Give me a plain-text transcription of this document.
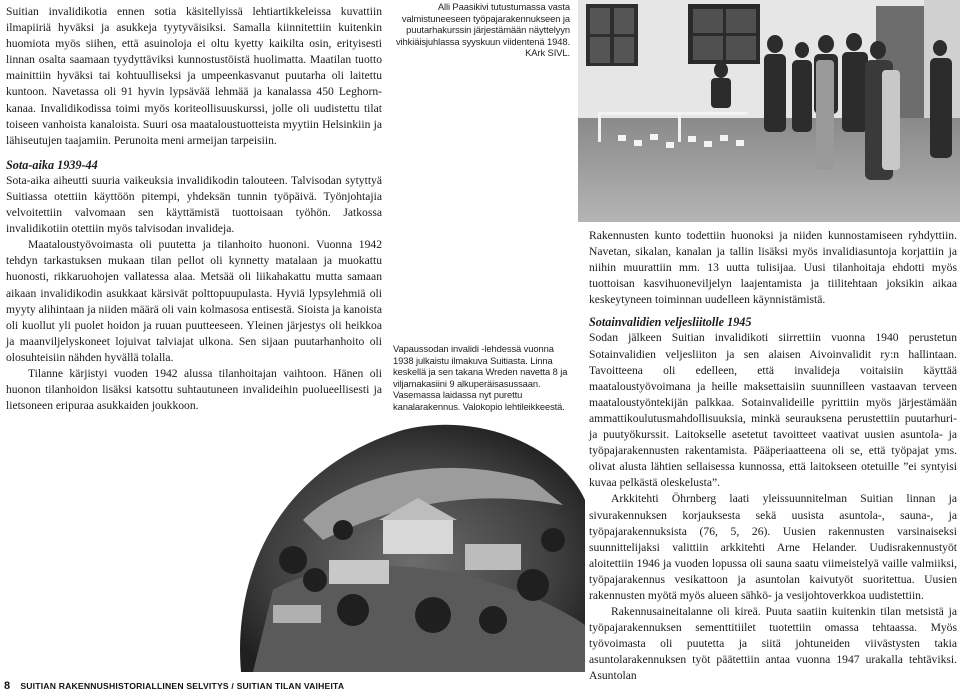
Suitian invalidikotia ennen sotia käsitellyissä lehtiartikkeleissa kuvattiin ilmapiiriä hyväksi ja asukkeja tyytyväisiksi. Samalla kiinnitettiin kuitenkin huomiota myös siihen, että asuinoloja ei oltu kyetty kaikilta osin, erityisesti linnan osalta saamaan tyydyttäviksi kunnostustöistä huolimatta. Maatilan tuotto mainittiin hyväksi tai kohtuulliseksi ja umpeenkasvanut puutarha oli laitettu kuntoon. Navetassa oli 91 hyvin lypsävää lehmää ja kanalassa 450 Leghorn-kanaa. Invalidikodissa toimi myös koriteollisuuskurssi, jolle oli uudistettu tilat toiseen vanhoista kanaloista. Suuri osa maataloustuotteista myytiin Helsinkiin ja lähiseutujen taajamiin. Perunoita meni armeijan tarpeisiin.

Sota-aika 1939-44

Sota-aika aiheutti suuria vaikeuksia invalidikodin talouteen. Talvisodan sytyttyä Suitiassa otettiin käyttöön pitempi, yhdeksän tunnin työpäivä. Työnjohtajia velvoitettiin valvomaan sen käyttämistä tuottoisaan työhön. Jatkossa invalidikotiin otettiin myös talvisodan invalideja.

Maataloustyövoimasta oli puutetta ja tilanhoito huononi. Vuonna 1942 tehdyn tarkastuksen mukaan tilan pellot oli kynnetty matalaan ja muokattu huonosti, rikkaruohojen vallatessa alaa. Metsää oli liikahakattu mutta samaan aikaan invalidikodin asukkaat kärsivät polttopuupulasta. Hyviä lypsylehmiä oli myyty alihintaan ja niiden määrä oli vain kolmasosa entisestä. Sioista ja kanoista oli kuollut yli puolet hoidon ja ruuan puutteeseen. Yleinen järjestys oli heikkoa ja maanviljelyskoneet lojuivat talviajat ulkona. Sen sijaan puutarhanhoito oli olosuhteisiin nähden hyvällä tolalla.

Tilanne kärjistyi vuoden 1942 alussa tilanhoitajan vaihtoon. Hänen oli huonon tilanhoidon lisäksi katsottu suhtautuneen invalideihin puolueellisesti ja lietsoneen eripuraa asukkaiden joukkoon.

Alli Paasikivi tutustumassa vasta valmistuneeseen työpajarakennukseen ja puutarhakurssin järjestämään näyttelyyn vihkiäisjuhlassa syyskuun viidentenä 1948. KArk SIVL.
Vapaussodan invalidi -lehdessä vuonna 1938 julkaistu ilmakuva Suitiasta. Linna keskellä ja sen takana Wreden navetta 8 ja viljamakasiini 9 alkuperäisasussaan. Vasemassa laidassa nyt purettu kanalarakennus. Valokopio lehtileikkeestä.

Rakennusten kunto todettiin huonoksi ja niiden kunnostamiseen ryhdyttiin. Navetan, sikalan, kanalan ja tallin lisäksi myös invalidiasuntoja korjattiin ja niihin muurattiin mm. 13 uutta tulisijaa. Uusi tilanhoitaja ehdotti myös tuottoisan kasvihuoneviljelyn laajentamista ja tiilitehtaan joksikin aikaa keskeytyneen toiminnan uudelleen käynnistämistä.

Sotainvalidien veljesliitolle 1945

Sodan jälkeen Suitian invalidikoti siirrettiin vuonna 1940 perustetun Sotainvalidien veljesliiton ja sen alaisen Aivoinvalidit ry:n hallintaan. Tavoitteena oli edelleen, että invalideja voitaisiin käyttää maataloustyövoimana ja heille maksettaisiin suunnilleen vastaavan terveen maataloustyöntekijän palkkaa. Sotainvalideille pyrittiin myös järjestämään ammattikoulutusmahdollisuuksia, minkä seurauksena perustettiin puutarhuri- ja puutyökurssit. Laitokselle asetetut tavoitteet vaativat uusien asuntola- ja työpajarakennusten rakentamista. Pääperiaatteena oli se, että työpajat yms. olivat alusta lähtien sellaisessa kunnossa, että laitokseen otetuille ”ei syntyisi kuvaa pelkästä oleskelusta”.

Arkkitehti Öhrnberg laati yleissuunnitelman Suitian linnan ja sivurakennuksen korjauksesta sekä uusista asuntola-, sauna-, ja työpajarakennuksista (76, 5, 26). Uusien rakennusten varsinaiseksi suunnittelijaksi valittiin arkkitehti Arne Helander. Uudisrakennustyöt aloitettiin 1946 ja vuoden lopussa oli sauna saatu viimeistelyä vaille valmiiksi, työpajarakennus vesikattoon ja asuntolan kaivutyöt suoritettua. Uusien rakennusten myötä myös alueen sähkö- ja vesijohtoverkkoa uudistettiin.

Rakennusaineitalanne oli kireä. Puuta saatiin kuitenkin tilan metsistä ja työpajarakennuksen sementtitiilet tuotettiin omassa tehtaassa. Myös työvoimasta oli puutetta ja siitä johtuneiden viivästysten takia asuntolarakennuksen työt päätettiin antaa vuonna 1947 urakalla tehtäviksi. Asuntolan

8 SUITIAN RAKENNUSHISTORIALLINEN SELVITYS / SUITIAN TILAN VAIHEITA
